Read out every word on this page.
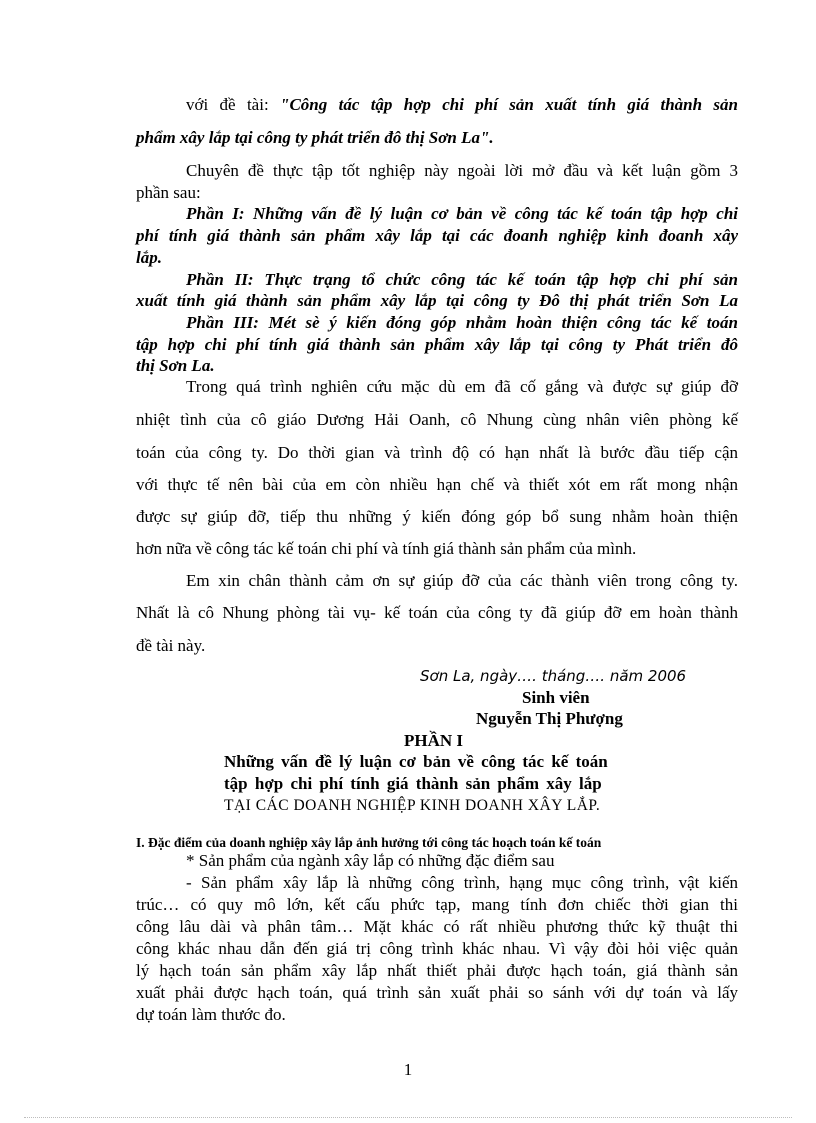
với đề tài: "Công tác tập hợp chi phí sản xuất tính giá thành sản
phẩm xây lắp tại công ty phát triển đô thị Sơn La".
Chuyên đề thực tập tốt nghiệp này ngoài lời mở đầu và kết luận gồm 3
phần sau:
Phần I: Những vấn đề lý luận cơ bản về công tác kế toán tập hợp chi
phí tính giá thành sản phẩm xây lắp tại các đoanh nghiệp kinh đoanh xây
lắp.
Phần II: Thực trạng tổ chức công tác kế toán tập hợp chi phí sản
xuất tính giá thành sản phẩm xây lắp tại công ty Đô thị phát triển Sơn La
Phần III: Mét sè ý kiến đóng góp nhằm hoàn thiện công tác kế toán
tập hợp chi phí tính giá thành sản phẩm xây lắp tại công ty Phát triển đô
thị Sơn La.
Trong quá trình nghiên cứu mặc dù em đã cố gắng và được sự giúp đỡ
nhiệt tình của cô giáo Dương Hải Oanh, cô Nhung cùng nhân viên phòng kế
toán của công ty. Do thời gian và trình độ có hạn nhất là bước đầu tiếp cận
với thực tế nên bài của em còn nhiều hạn chế và thiết xót em rất mong nhận
được sự giúp đỡ, tiếp thu những ý kiến đóng góp bổ sung nhằm hoàn thiện
hơn nữa về công tác kế toán chi phí và tính giá thành sản phẩm của mình.
Em xin chân thành cảm ơn sự giúp đỡ của các thành viên trong công ty.
Nhất là cô Nhung phòng tài vụ- kế toán của công ty đã giúp đỡ em hoàn thành
đề tài này.
Sơn La, ngày…. tháng…. năm 2006
Sinh viên
Nguyễn Thị Phượng
PHẦN I
Những vấn đề lý luận cơ bản về công tác kế toán
tập hợp chi phí tính giá thành sản phẩm xây lắp
TẠI CÁC DOANH NGHIỆP KINH DOANH XÂY LẮP.
I. Đặc điểm của doanh nghiệp xây lắp ảnh hưởng tới công tác hoạch toán kế toán
* Sản phẩm của ngành xây lắp có những đặc điểm sau
- Sản phẩm xây lắp là những công trình, hạng mục công trình, vật kiến
trúc… có quy mô lớn, kết cấu phức tạp, mang tính đơn chiếc thời gian thi
công lâu dài và phân tâm… Mặt khác có rất nhiều phương thức kỹ thuật thi
công khác nhau dẫn đến giá trị công trình khác nhau. Vì vậy đòi hỏi việc quản
lý hạch toán sản phẩm xây lắp nhất thiết phải được hạch toán, giá thành sản
xuất phải được hạch toán, quá trình sản xuất phải so sánh với dự toán và lấy
dự toán làm thước đo.
1
